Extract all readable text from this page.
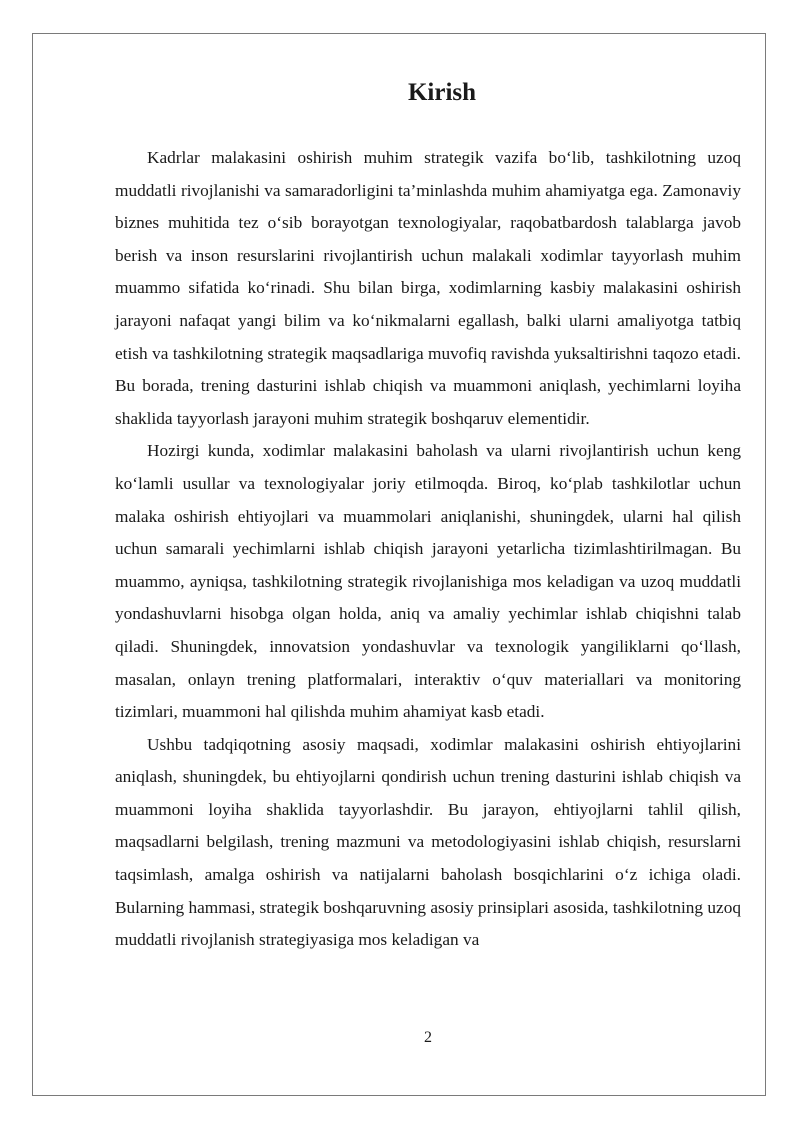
Kirish

Kadrlar malakasini oshirish muhim strategik vazifa bo‘lib, tashkilotning uzoq muddatli rivojlanishi va samaradorligini ta’minlashda muhim ahamiyatga ega. Zamonaviy biznes muhitida tez o‘sib borayotgan texnologiyalar, raqobatbardosh talablarga javob berish va inson resurslarini rivojlantirish uchun malakali xodimlar tayyorlash muhim muammo sifatida ko‘rinadi. Shu bilan birga, xodimlarning kasbiy malakasini oshirish jarayoni nafaqat yangi bilim va ko‘nikmalarni egallash, balki ularni amaliyotga tatbiq etish va tashkilotning strategik maqsadlariga muvofiq ravishda yuksaltirishni taqozo etadi. Bu borada, trening dasturini ishlab chiqish va muammoni aniqlash, yechimlarni loyiha shaklida tayyorlash jarayoni muhim strategik boshqaruv elementidir.

Hozirgi kunda, xodimlar malakasini baholash va ularni rivojlantirish uchun keng ko‘lamli usullar va texnologiyalar joriy etilmoqda. Biroq, ko‘plab tashkilotlar uchun malaka oshirish ehtiyojlari va muammolari aniqlanishi, shuningdek, ularni hal qilish uchun samarali yechimlarni ishlab chiqish jarayoni yetarlicha tizimlashtirilmagan. Bu muammo, ayniqsa, tashkilotning strategik rivojlanishiga mos keladigan va uzoq muddatli yondashuvlarni hisobga olgan holda, aniq va amaliy yechimlar ishlab chiqishni talab qiladi. Shuningdek, innovatsion yondashuvlar va texnologik yangiliklarni qo‘llash, masalan, onlayn trening platformalari, interaktiv o‘quv materiallari va monitoring tizimlari, muammoni hal qilishda muhim ahamiyat kasb etadi.

Ushbu tadqiqotning asosiy maqsadi, xodimlar malakasini oshirish ehtiyojlarini aniqlash, shuningdek, bu ehtiyojlarni qondirish uchun trening dasturini ishlab chiqish va muammoni loyiha shaklida tayyorlashdir. Bu jarayon, ehtiyojlarni tahlil qilish, maqsadlarni belgilash, trening mazmuni va metodologiyasini ishlab chiqish, resurslarni taqsimlash, amalga oshirish va natijalarni baholash bosqichlarini o‘z ichiga oladi. Bularning hammasi, strategik boshqaruvning asosiy prinsiplari asosida, tashkilotning uzoq muddatli rivojlanish strategiyasiga mos keladigan va

2
